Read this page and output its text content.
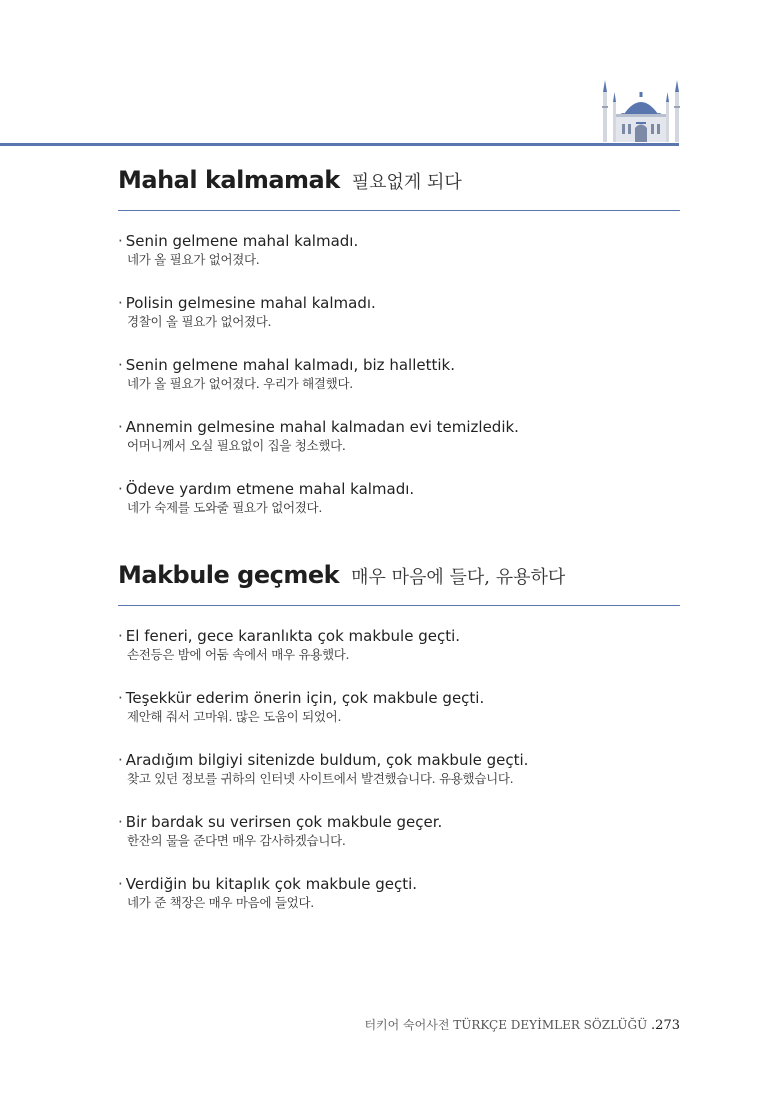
Mahal kalmamak 필요없게 되다
· Senin gelmene mahal kalmadı.
네가 올 필요가 없어졌다.
· Polisin gelmesine mahal kalmadı.
경찰이 올 필요가 없어졌다.
· Senin gelmene mahal kalmadı, biz hallettik.
네가 올 필요가 없어졌다. 우리가 해결했다.
· Annemin gelmesine mahal kalmadan evi temizledik.
어머니께서 오실 필요없이 집을 청소했다.
· Ödeve yardım etmene mahal kalmadı.
네가 숙제를 도와줄 필요가 없어졌다.
Makbule geçmek 매우 마음에 들다, 유용하다
· El feneri, gece karanlıkta çok makbule geçti.
손전등은 밤에 어둠 속에서 매우 유용했다.
· Teşekkür ederim önerin için, çok makbule geçti.
제안해 줘서 고마워. 많은 도움이 되었어.
· Aradığım bilgiyi sitenizde buldum, çok makbule geçti.
찾고 있던 정보를 귀하의 인터넷 사이트에서 발견했습니다. 유용했습니다.
· Bir bardak su verirsen çok makbule geçer.
한잔의 물을 준다면 매우 감사하겠습니다.
· Verdiğin bu kitaplık çok makbule geçti.
네가 준 책장은 매우 마음에 들었다.
터키어 숙어사전 TÜRKÇE DEYİMLER SÖZLÜĞÜ .273
